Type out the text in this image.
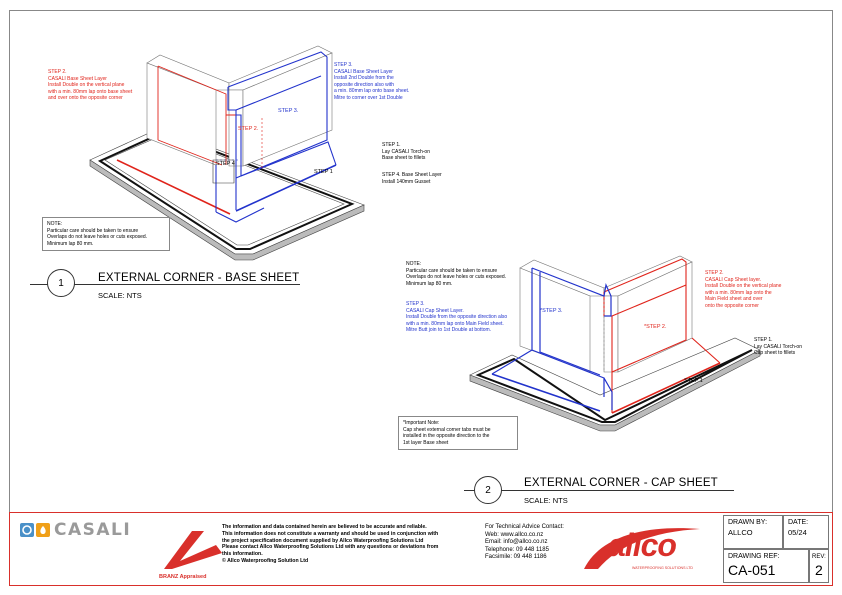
STEP 2.
STEP 3.
STEP 4
STEP 1
STEP 2.
CASALI Base Sheet Layer
Install Double on the vertical plane
with a min. 80mm lap onto base sheet
and over onto the opposite corner
STEP 3.
CASALI Base Sheet Layer
Install 2nd Double from the
opposite direction also with
a min. 80mm lap onto base sheet.
Mitre to corner over 1st Double
STEP 1.
Lay CASALI Torch-on
Base sheet to fillets
STEP 4. Base Sheet Layer
Install 140mm Gusset
NOTE:
Particular care should be taken to ensure
Overlaps do not leave holes or cuts exposed.
Minimum lap 80 mm.
1	EXTERNAL CORNER - BASE SHEET
SCALE: NTS
*STEP 3.
*STEP 2.
STEP 1
NOTE:
Particular care should be taken to ensure
Overlaps do not leave holes or cuts exposed.
Minimum lap 80 mm.
STEP 3.
CASALI Cap Sheet Layer.
Install Double from the opposite direction also
with a min. 80mm lap onto Main Field sheet.
Mitre Butt join to 1st Double at bottom.
STEP 2.
CASALI Cap Sheet layer.
Install Double on the vertical plane
with a min. 80mm lap onto the
Main Field sheet and over
onto the opposite corner
STEP 1.
Lay CASALI Torch-on
Cap sheet to fillets
*Important Note:
Cap sheet external corner tabs must be
installed in the opposite direction to the
1st layer Base sheet
2
EXTERNAL CORNER - CAP SHEET
SCALE: NTS
CASALI
BRANZ Appraised
The information and data contained herein are believed to be accurate and reliable.
This information does not constitute a warranty and should be used in conjunction with
the project specification document supplied by Allco Waterproofing Solutions Ltd
Please contact Allco Waterproofing Solutions Ltd with any questions or deviations from
this information.
© Allco Waterproofing Solution Ltd
For Technical Advice Contact:
Web: www.allco.co.nz
Email: info@allco.co.nz
Telephone: 09 448 1185
Facsimile: 09 448 1186	allco
WATERPROOFING SOLUTIONS LTD
DRAWN BY:
ALLCO
DATE:
05/24
DRAWING REF:
CA-051
REV:
2
